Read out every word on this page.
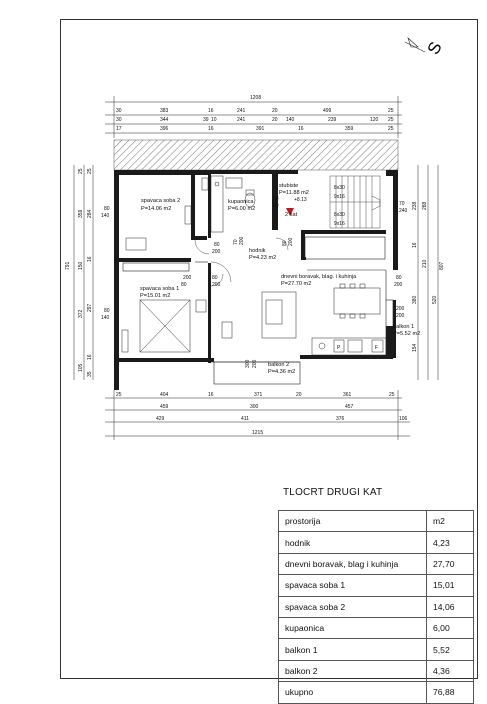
S
1208
30	383	16	241	20	499	25
30	344	39 10	241	20 140	239	120 25
17	396	16	391	16	359	25
791
25
359
150
372
105
25
284
16
297
16
35
807
238
16
380
154
288
210
520
8x30
9x16
8x30
9x16
P	F
spavaca soba 2
P=14.06 m2
kupaonica
P=6.00 m2
stubiste
P=11.88 m2
+8.13
2 kat
hodnik
P=4.23 m2
spavaca soba 1
P=15.01 m2
dnevni boravak, blag. i kuhinja
P=27.70 m2
balkon 1
P=5.52 m2
balkon 2
P=4.36 m2
80
140
80
140
80
200
80
200
70 200	80 200
80
200
200
200
300 200
70
240
80
50
200
80
25	404	16	371	20	361	25
459	300	457
429	411	376	106
1215
TLOCRT DRUGI KAT
prostorija	m2
hodnik	4,23
dnevni boravak, blag i kuhinja	27,70
spavaca soba 1	15,01
spavaca soba 2	14,06
kupaonica	6,00
balkon 1	5,52
balkon 2	4,36
ukupno	76,88
